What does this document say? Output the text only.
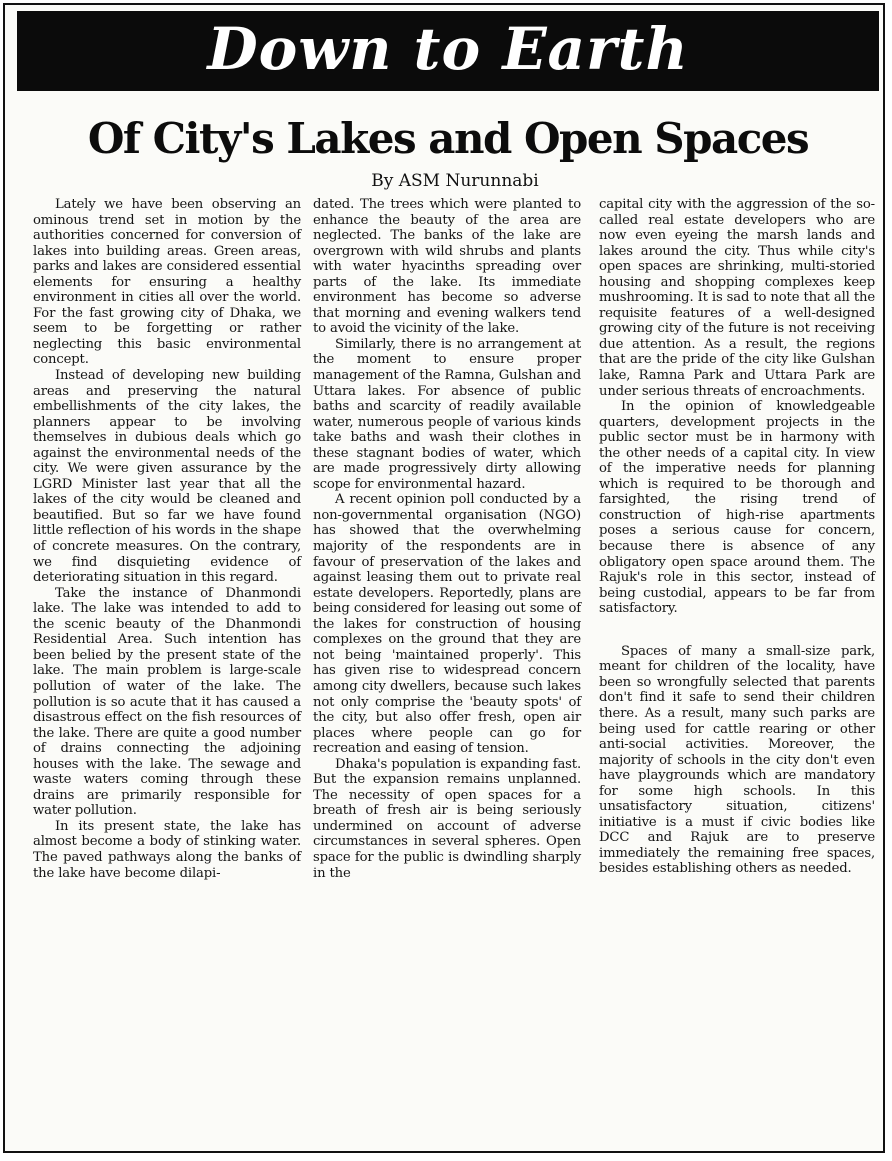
Down to Earth
Of City's Lakes and Open Spaces
By ASM Nurunnabi

Lately we have been observing an ominous trend set in motion by the authorities concerned for conversion of lakes into building areas. Green areas, parks and lakes are considered essential elements for ensuring a healthy environment in cities all over the world. For the fast growing city of Dhaka, we seem to be forgetting or rather neglecting this basic environmental concept.

Instead of developing new building areas and preserving the natural embellishments of the city lakes, the planners appear to be involving themselves in dubious deals which go against the environmental needs of the city. We were given assurance by the LGRD Minister last year that all the lakes of the city would be cleaned and beautified. But so far we have found little reflection of his words in the shape of concrete measures. On the contrary, we find disquieting evidence of deteriorating situation in this regard.

Take the instance of Dhanmondi lake. The lake was intended to add to the scenic beauty of the Dhanmondi Residential Area. Such intention has been belied by the present state of the lake. The main problem is large-scale pollution of water of the lake. The pollution is so acute that it has caused a disastrous effect on the fish resources of the lake. There are quite a good number of drains connecting the adjoining houses with the lake. The sewage and waste waters coming through these drains are primarily responsible for water pollution.

In its present state, the lake has almost become a body of stinking water. The paved pathways along the banks of the lake have become dilapi-

dated. The trees which were planted to enhance the beauty of the area are neglected. The banks of the lake are overgrown with wild shrubs and plants with water hyacinths spreading over parts of the lake. Its immediate environment has become so adverse that morning and evening walkers tend to avoid the vicinity of the lake.

Similarly, there is no arrangement at the moment to ensure proper management of the Ramna, Gulshan and Uttara lakes. For absence of public baths and scarcity of readily available water, numerous people of various kinds take baths and wash their clothes in these stagnant bodies of water, which are made progressively dirty allowing scope for environmental hazard.

A recent opinion poll conducted by a non-governmental organisation (NGO) has showed that the overwhelming majority of the respondents are in favour of preservation of the lakes and against leasing them out to private real estate developers. Reportedly, plans are being considered for leasing out some of the lakes for construction of housing complexes on the ground that they are not being 'maintained properly'. This has given rise to widespread concern among city dwellers, because such lakes not only comprise the 'beauty spots' of the city, but also offer fresh, open air places where people can go for recreation and easing of tension.

Dhaka's population is expanding fast. But the expansion remains unplanned. The necessity of open spaces for a breath of fresh air is being seriously undermined on account of adverse circumstances in several spheres. Open space for the public is dwindling sharply in the

capital city with the aggression of the so-called real estate developers who are now even eyeing the marsh lands and lakes around the city. Thus while city's open spaces are shrinking, multi-storied housing and shopping complexes keep mushrooming. It is sad to note that all the requisite features of a well-designed growing city of the future is not receiving due attention. As a result, the regions that are the pride of the city like Gulshan lake, Ramna Park and Uttara Park are under serious threats of encroachments.

In the opinion of knowledgeable quarters, development projects in the public sector must be in harmony with the other needs of a capital city. In view of the imperative needs for planning which is required to be thorough and farsighted, the rising trend of construction of high-rise apartments poses a serious cause for concern, because there is absence of any obligatory open space around them. The Rajuk's role in this sector, instead of being custodial, appears to be far from satisfactory.

Spaces of many a small-size park, meant for children of the locality, have been so wrongfully selected that parents don't find it safe to send their children there. As a result, many such parks are being used for cattle rearing or other anti-social activities. Moreover, the majority of schools in the city don't even have playgrounds which are mandatory for some high schools. In this unsatisfactory situation, citizens' initiative is a must if civic bodies like DCC and Rajuk are to preserve immediately the remaining free spaces, besides establishing others as needed.
